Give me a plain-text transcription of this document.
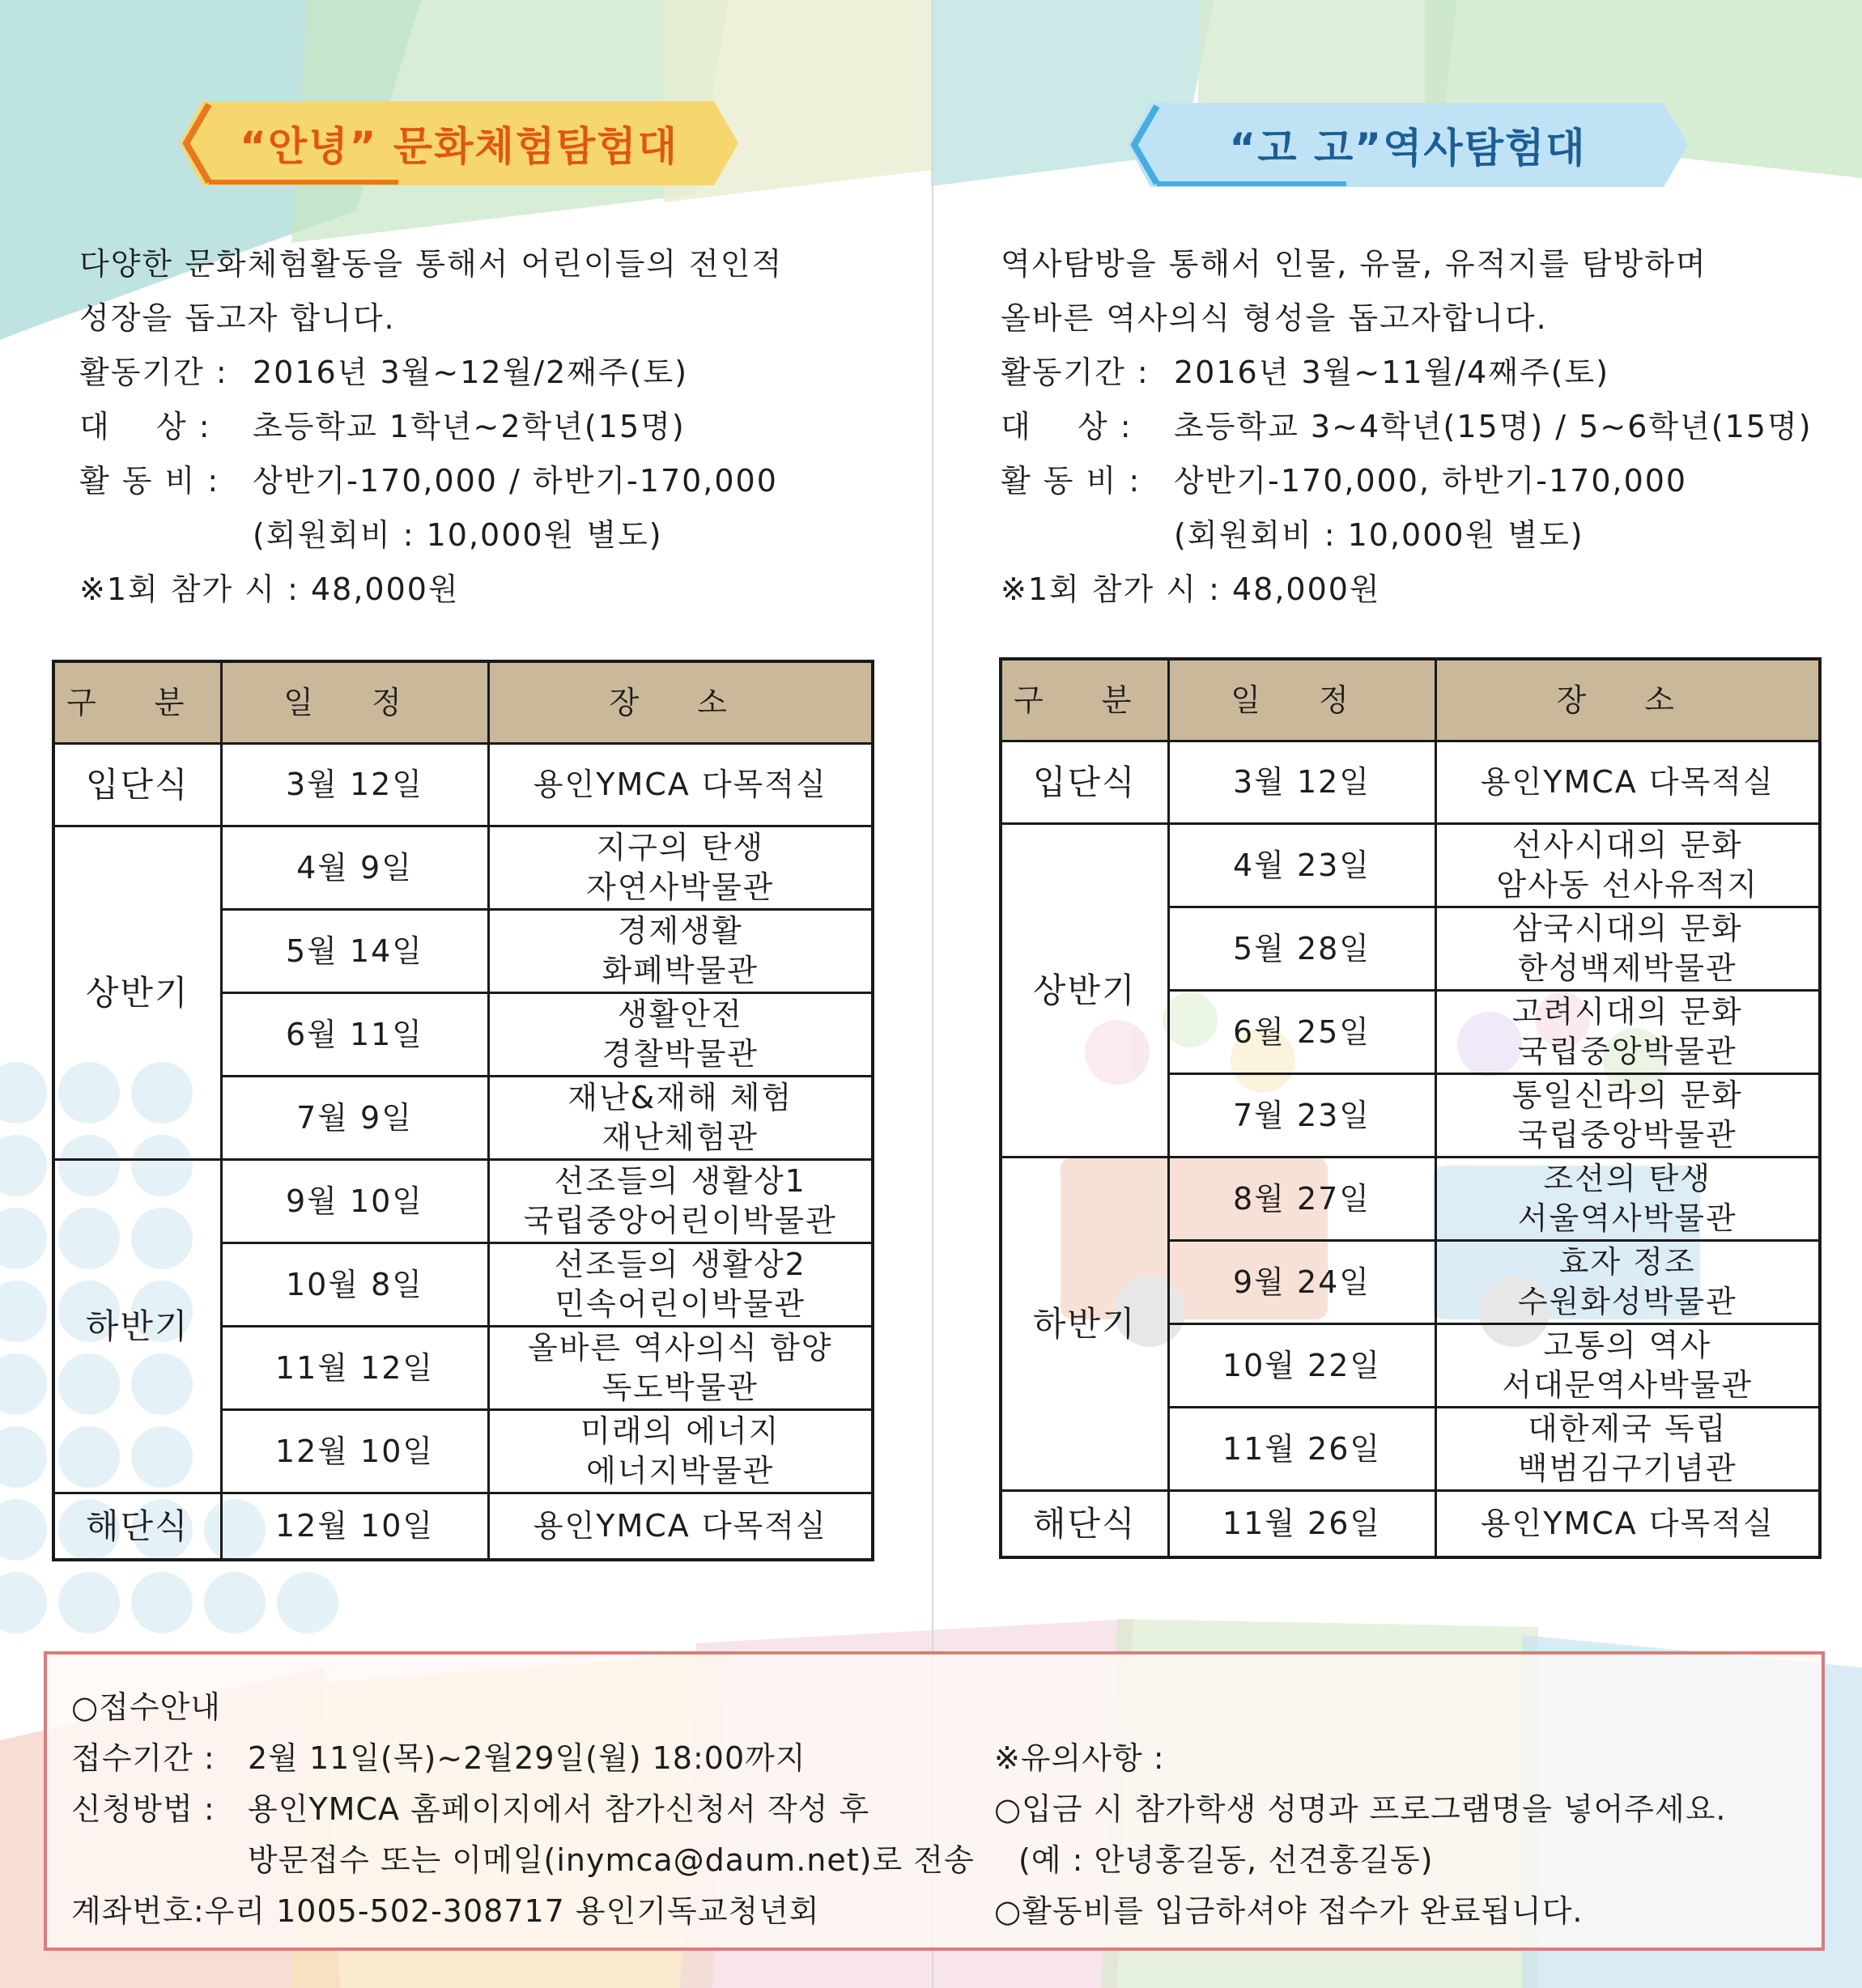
“안녕” 문화체험탐험대	“고 고”역사탐험대
다양한 문화체험활동을 통해서 어린이들의 전인적
성장을 돕고자 합니다.
활동기간 : 2016년 3월~12월/2째주(토)
대    상 :	초등학교 1학년~2학년(15명)
활 동 비 :	상반기-170,000 / 하반기-170,000
(회원회비 : 10,000원 별도)
※1회 참가 시 : 48,000원
역사탐방을 통해서 인물, 유물, 유적지를 탐방하며
올바른 역사의식 형성을 돕고자합니다.
활동기간 : 2016년 3월~11월/4째주(토)
대    상 :	초등학교 3~4학년(15명) / 5~6학년(15명)
활 동 비 :	상반기-170,000, 하반기-170,000
(회원회비 : 10,000원 별도)
※1회 참가 시 : 48,000원
구 분	일 정	장 소
입단식	3월 12일	용인YMCA 다목적실
상반기	4월 9일	지구의 탄생
자연사박물관

	5월 14일	경제생활
화폐박물관

	6월 11일	생활안전
경찰박물관

	7월 9일	재난&재해 체험
재난체험관

하반기	9월 10일	선조들의 생활상1
국립중앙어린이박물관

	10월 8일	선조들의 생활상2
민속어린이박물관

	11월 12일	올바른 역사의식 함양
독도박물관

	12월 10일	미래의 에너지
에너지박물관

해단식	12월 10일	용인YMCA 다목적실
구 분	일 정	장 소
입단식	3월 12일	용인YMCA 다목적실
상반기	4월 23일	선사시대의 문화
암사동 선사유적지

	5월 28일	삼국시대의 문화
한성백제박물관

	6월 25일	고려시대의 문화
국립중앙박물관

	7월 23일	통일신라의 문화
국립중앙박물관

하반기	8월 27일	조선의 탄생
서울역사박물관

	9월 24일	효자 정조
수원화성박물관

	10월 22일	고통의 역사
서대문역사박물관

	11월 26일	대한제국 독립
백범김구기념관

해단식	11월 26일	용인YMCA 다목적실
○접수안내
접수기간 :	2월 11일(목)~2월29일(월) 18:00까지
신청방법 :	용인YMCA 홈페이지에서 참가신청서 작성 후
방문접수 또는 이메일(inymca@daum.net)로 전송
계좌번호:우리 1005-502-308717 용인기독교청년회
※유의사항 :
○입금 시 참가학생 성명과 프로그램명을 넣어주세요.
(예 : 안녕홍길동, 선견홍길동)
○활동비를 입금하셔야 접수가 완료됩니다.
